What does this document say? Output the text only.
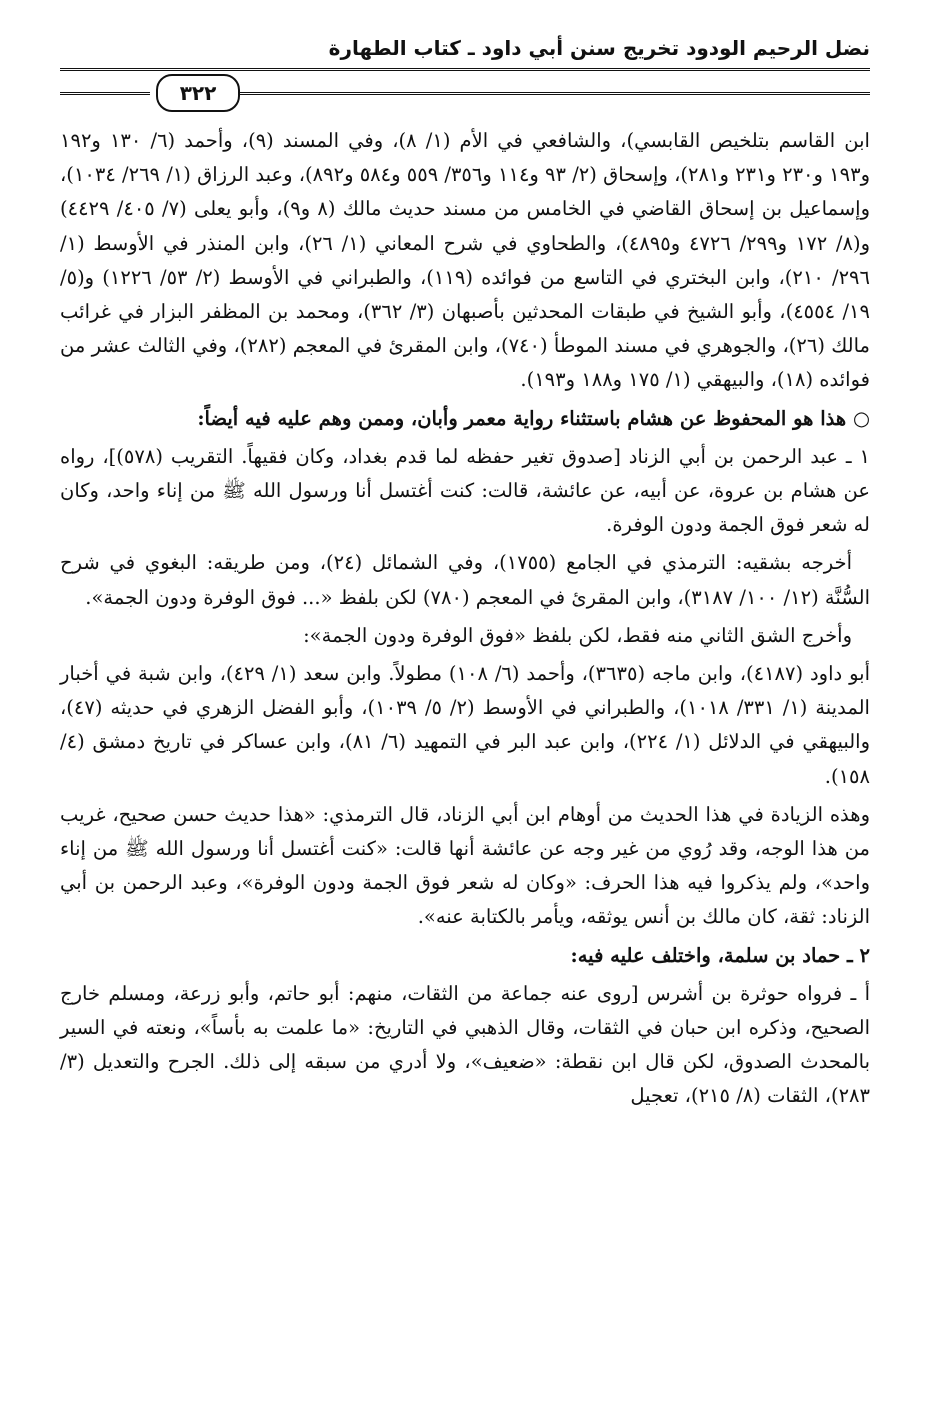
نضل الرحيم الودود تخريج سنن أبي داود ـ كتاب الطهارة
٣٢٢

ابن القاسم بتلخيص القابسي)، والشافعي في الأم (١/ ٨)، وفي المسند (٩)، وأحمد (٦/ ١٣٠ و١٩٢ و١٩٣ و٢٣٠ و٢٣١ و٢٨١)، وإسحاق (٢/ ٩٣ و١١٤ و٣٥٦/ ٥٥٩ و٥٨٤ و٨٩٢)، وعبد الرزاق (١/ ٢٦٩/ ١٠٣٤)، وإسماعيل بن إسحاق القاضي في الخامس من مسند حديث مالك (٨ و٩)، وأبو يعلى (٧/ ٤٠٥/ ٤٤٢٩) و(٨/ ١٧٢ و٢٩٩/ ٤٧٢٦ و٤٨٩٥)، والطحاوي في شرح المعاني (١/ ٢٦)، وابن المنذر في الأوسط (١/ ٢٩٦/ ٢١٠)، وابن البختري في التاسع من فوائده (١١٩)، والطبراني في الأوسط (٢/ ٥٣/ ١٢٢٦) و(٥/ ١٩/ ٤٥٥٤)، وأبو الشيخ في طبقات المحدثين بأصبهان (٣/ ٣٦٢)، ومحمد بن المظفر البزار في غرائب مالك (٢٦)، والجوهري في مسند الموطأ (٧٤٠)، وابن المقرئ في المعجم (٢٨٢)، وفي الثالث عشر من فوائده (١٨)، والبيهقي (١/ ١٧٥ و١٨٨ و١٩٣).

○ هذا هو المحفوظ عن هشام باستثناء رواية معمر وأبان، وممن وهم عليه فيه أيضاً:

١ ـ عبد الرحمن بن أبي الزناد [صدوق تغير حفظه لما قدم بغداد، وكان فقيهاً. التقريب (٥٧٨)]، رواه عن هشام بن عروة، عن أبيه، عن عائشة، قالت: كنت أغتسل أنا ورسول الله ﷺ من إناء واحد، وكان له شعر فوق الجمة ودون الوفرة.

أخرجه بشقيه: الترمذي في الجامع (١٧٥٥)، وفي الشمائل (٢٤)، ومن طريقه: البغوي في شرح السُّنَّة (١٢/ ١٠٠/ ٣١٨٧)، وابن المقرئ في المعجم (٧٨٠) لكن بلفظ «... فوق الوفرة ودون الجمة».

وأخرج الشق الثاني منه فقط، لكن بلفظ «فوق الوفرة ودون الجمة»:

أبو داود (٤١٨٧)، وابن ماجه (٣٦٣٥)، وأحمد (٦/ ١٠٨) مطولاً. وابن سعد (١/ ٤٢٩)، وابن شبة في أخبار المدينة (١/ ٣٣١/ ١٠١٨)، والطبراني في الأوسط (٢/ ٥/ ١٠٣٩)، وأبو الفضل الزهري في حديثه (٤٧)، والبيهقي في الدلائل (١/ ٢٢٤)، وابن عبد البر في التمهيد (٦/ ٨١)، وابن عساكر في تاريخ دمشق (٤/ ١٥٨).

وهذه الزيادة في هذا الحديث من أوهام ابن أبي الزناد، قال الترمذي: «هذا حديث حسن صحيح، غريب من هذا الوجه، وقد رُوي من غير وجه عن عائشة أنها قالت: «كنت أغتسل أنا ورسول الله ﷺ من إناء واحد»، ولم يذكروا فيه هذا الحرف: «وكان له شعر فوق الجمة ودون الوفرة»، وعبد الرحمن بن أبي الزناد: ثقة، كان مالك بن أنس يوثقه، ويأمر بالكتابة عنه».

٢ ـ حماد بن سلمة، واختلف عليه فيه:

أ ـ فرواه حوثرة بن أشرس [روى عنه جماعة من الثقات، منهم: أبو حاتم، وأبو زرعة، ومسلم خارج الصحيح، وذكره ابن حبان في الثقات، وقال الذهبي في التاريخ: «ما علمت به بأساً»، ونعته في السير بالمحدث الصدوق، لكن قال ابن نقطة: «ضعيف»، ولا أدري من سبقه إلى ذلك. الجرح والتعديل (٣/ ٢٨٣)، الثقات (٨/ ٢١٥)، تعجيل
